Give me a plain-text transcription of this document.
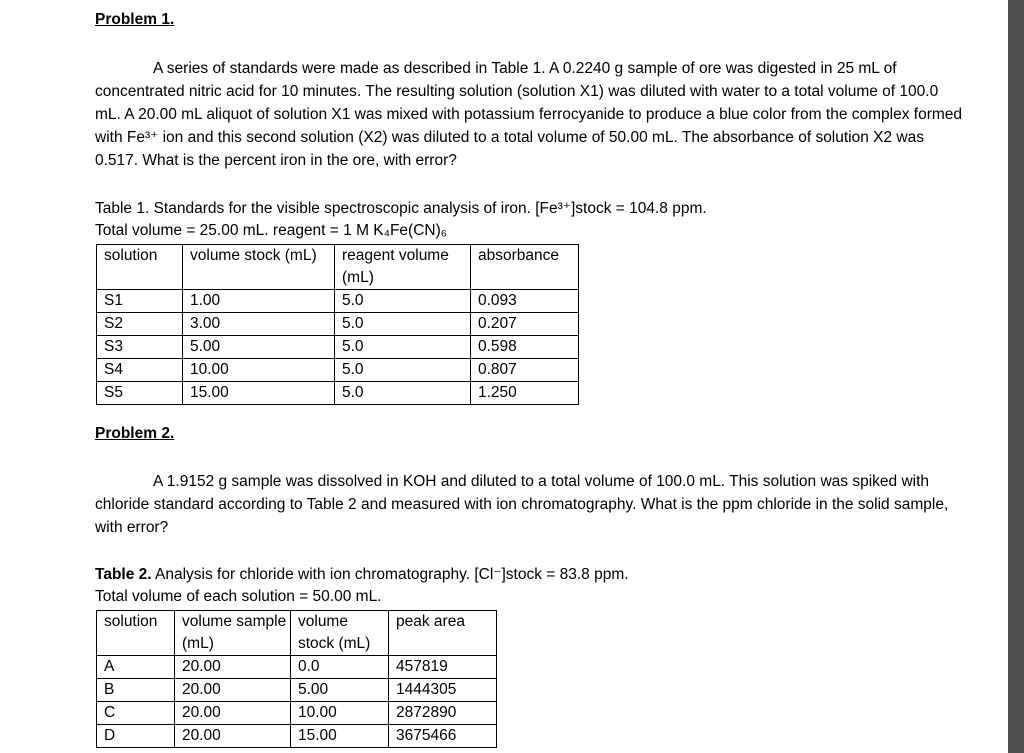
Problem 1.
A series of standards were made as described in Table 1. A 0.2240 g sample of ore was digested in 25 mL of concentrated nitric acid for 10 minutes. The resulting solution (solution X1) was diluted with water to a total volume of 100.0 mL. A 20.00 mL aliquot of solution X1 was mixed with potassium ferrocyanide to produce a blue color from the complex formed with Fe³⁺ ion and this second solution (X2) was diluted to a total volume of 50.00 mL. The absorbance of solution X2 was 0.517. What is the percent iron in the ore, with error?
Table 1. Standards for the visible spectroscopic analysis of iron. [Fe³⁺]stock = 104.8 ppm.
Total volume = 25.00 mL. reagent = 1 M K₄Fe(CN)₆
solution	volume stock (mL)	reagent volume (mL)	absorbance
S1	1.00	5.0	0.093
S2	3.00	5.0	0.207
S3	5.00	5.0	0.598
S4	10.00	5.0	0.807
S5	15.00	5.0	1.250
Problem 2.
A 1.9152 g sample was dissolved in KOH and diluted to a total volume of 100.0 mL. This solution was spiked with chloride standard according to Table 2 and measured with ion chromatography. What is the ppm chloride in the solid sample, with error?
Table 2. Analysis for chloride with ion chromatography. [Cl⁻]stock = 83.8 ppm.
Total volume of each solution = 50.00 mL.
solution	volume sample (mL)	volume stock (mL)	peak area
A	20.00	0.0	457819
B	20.00	5.00	1444305
C	20.00	10.00	2872890
D	20.00	15.00	3675466
